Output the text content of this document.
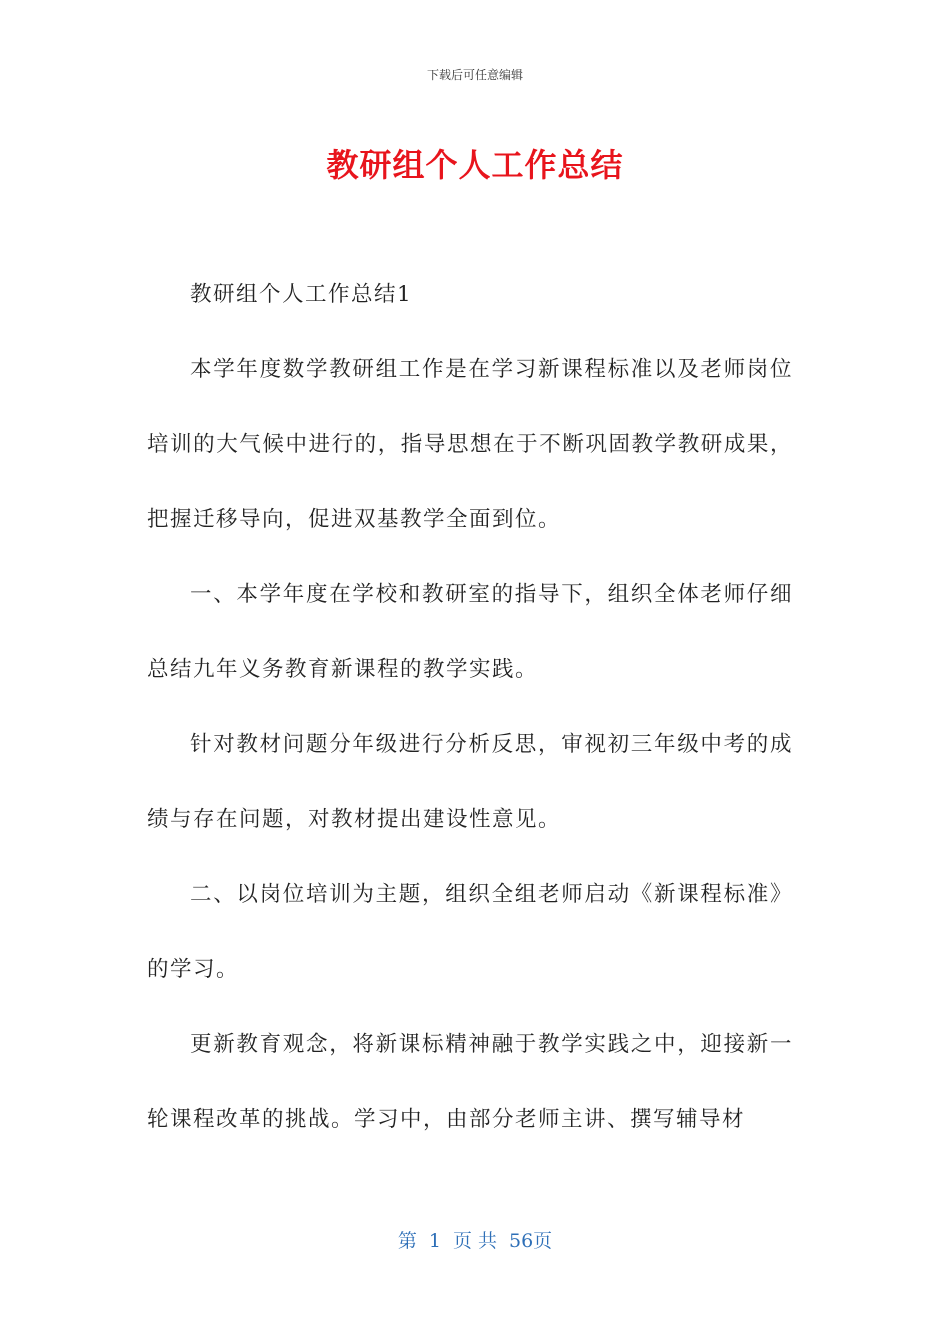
下载后可任意编辑
教研组个人工作总结

教研组个人工作总结1

本学年度数学教研组工作是在学习新课程标准以及老师岗位培训的大气候中进行的，指导思想在于不断巩固教学教研成果，把握迁移导向，促进双基教学全面到位。

一、本学年度在学校和教研室的指导下，组织全体老师仔细总结九年义务教育新课程的教学实践。

针对教材问题分年级进行分析反思，审视初三年级中考的成绩与存在问题，对教材提出建设性意见。

二、以岗位培训为主题，组织全组老师启动《新课程标准》的学习。

更新教育观念，将新课标精神融于教学实践之中，迎接新一轮课程改革的挑战。学习中，由部分老师主讲、撰写辅导材

第 1 页 共 56页
